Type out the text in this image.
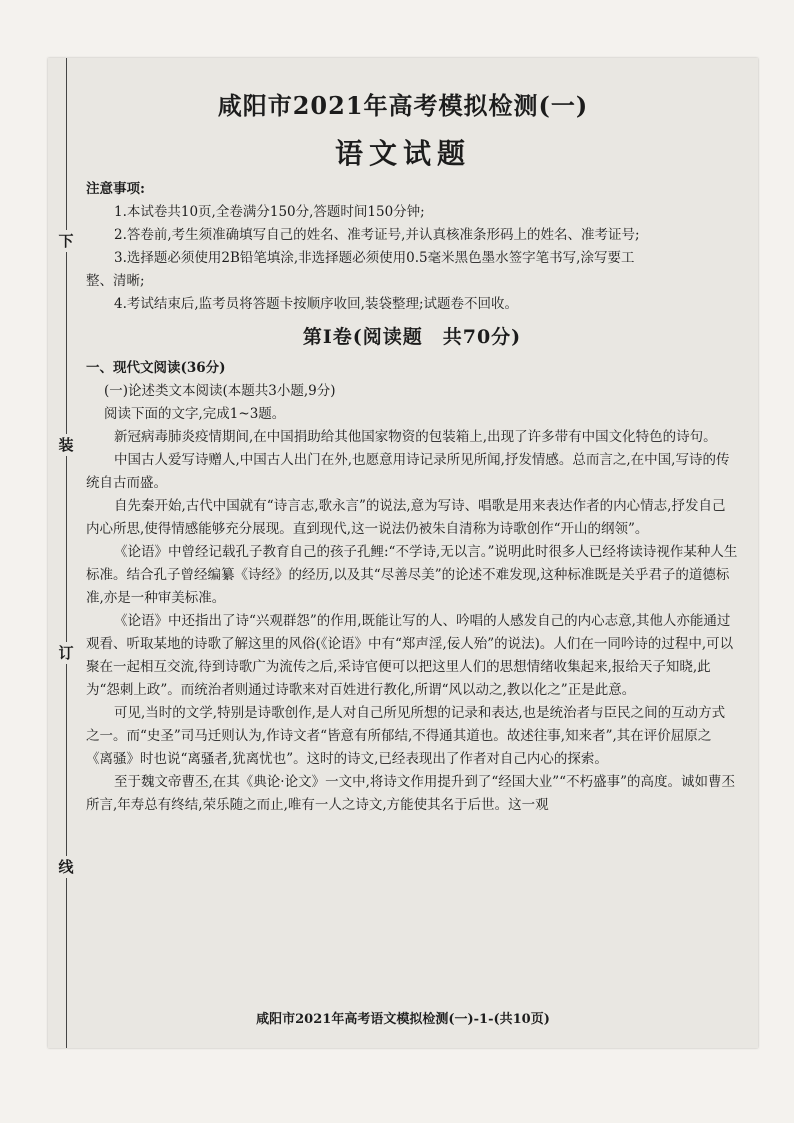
下
装
订
线
咸阳市2021年高考模拟检测(一)
语文试题
注意事项:
1.本试卷共10页,全卷满分150分,答题时间150分钟;
2.答卷前,考生须准确填写自己的姓名、准考证号,并认真核准条形码上的姓名、准考证号;
3.选择题必须使用2B铅笔填涂,非选择题必须使用0.5毫米黑色墨水签字笔书写,涂写要工
整、清晰;
4.考试结束后,监考员将答题卡按顺序收回,装袋整理;试题卷不回收。
第Ⅰ卷(阅读题　共70分)
一、现代文阅读(36分)
(一)论述类文本阅读(本题共3小题,9分)
阅读下面的文字,完成1~3题。

新冠病毒肺炎疫情期间,在中国捐助给其他国家物资的包装箱上,出现了许多带有中国文化特色的诗句。

中国古人爱写诗赠人,中国古人出门在外,也愿意用诗记录所见所闻,抒发情感。总而言之,在中国,写诗的传统自古而盛。

自先秦开始,古代中国就有“诗言志,歌永言”的说法,意为写诗、唱歌是用来表达作者的内心情志,抒发自己内心所思,使得情感能够充分展现。直到现代,这一说法仍被朱自清称为诗歌创作“开山的纲领”。

《论语》中曾经记载孔子教育自己的孩子孔鲤:“不学诗,无以言。”说明此时很多人已经将读诗视作某种人生标准。结合孔子曾经编纂《诗经》的经历,以及其“尽善尽美”的论述不难发现,这种标准既是关乎君子的道德标准,亦是一种审美标准。

《论语》中还指出了诗“兴观群怨”的作用,既能让写的人、吟唱的人感发自己的内心志意,其他人亦能通过观看、听取某地的诗歌了解这里的风俗(《论语》中有“郑声淫,佞人殆”的说法)。人们在一同吟诗的过程中,可以聚在一起相互交流,待到诗歌广为流传之后,采诗官便可以把这里人们的思想情绪收集起来,报给天子知晓,此为“怨刺上政”。而统治者则通过诗歌来对百姓进行教化,所谓“风以动之,教以化之”正是此意。

可见,当时的文学,特别是诗歌创作,是人对自己所见所想的记录和表达,也是统治者与臣民之间的互动方式之一。而“史圣”司马迁则认为,作诗文者“皆意有所郁结,不得通其道也。故述往事,知来者”,其在评价屈原之《离骚》时也说“离骚者,犹离忧也”。这时的诗文,已经表现出了作者对自己内心的探索。

至于魏文帝曹丕,在其《典论·论文》一文中,将诗文作用提升到了“经国大业”“不朽盛事”的高度。诚如曹丕所言,年寿总有终结,荣乐随之而止,唯有一人之诗文,方能使其名于后世。这一观

咸阳市2021年高考语文模拟检测(一)-1-(共10页)
